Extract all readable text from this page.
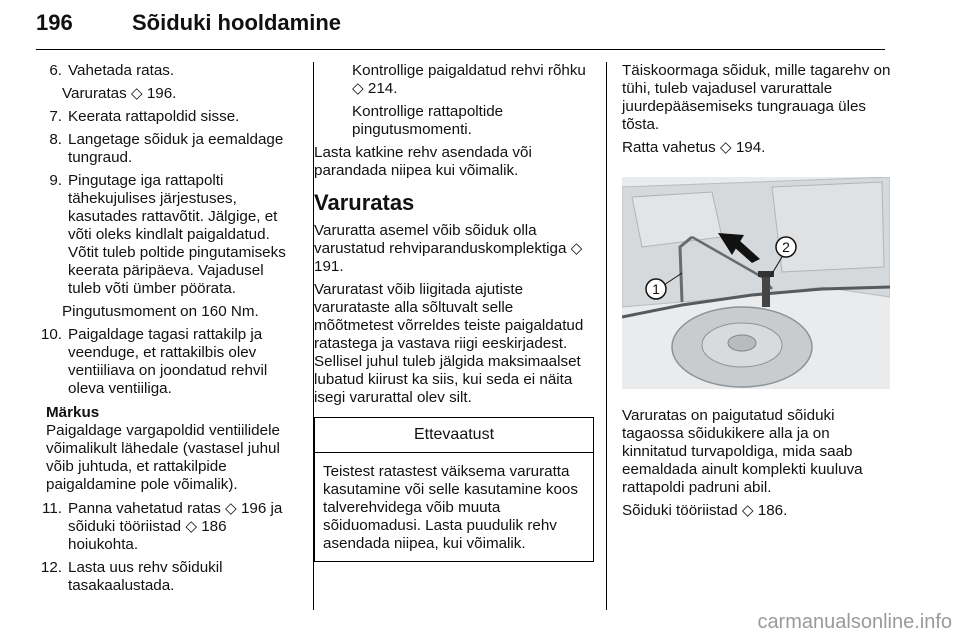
196	Sõiduki hooldamine
6. Vahetada ratas.
Varuratas ◇ 196.
7. Keerata rattapoldid sisse.
8. Langetage sõiduk ja eemaldage tungraud.
9. Pingutage iga rattapolti tähekujulises järjestuses, kasutades rattavõtit. Jälgige, et võti oleks kindlalt paigaldatud. Võtit tuleb poltide pingutamiseks keerata päripäeva. Vajadusel tuleb võti ümber pöörata.
Pingutusmoment on 160 Nm.
10. Paigaldage tagasi rattakilp ja veenduge, et rattakilbis olev ventiiliava on joondatud rehvil oleva ventiiliga.
Märkus
Paigaldage vargapoldid ventiilidele võimalikult lähedale (vastasel juhul võib juhtuda, et rattakilpide paigaldamine pole võimalik).
11. Panna vahetatud ratas ◇ 196 ja sõiduki tööriistad ◇ 186 hoiukohta.
12. Lasta uus rehv sõidukil tasakaalustada.
Kontrollige paigaldatud rehvi rõhku ◇ 214.
Kontrollige rattapoltide pingutusmomenti.
Lasta katkine rehv asendada või parandada niipea kui võimalik.
Varuratas
Varuratta asemel võib sõiduk olla varustatud rehviparanduskomplektiga ◇ 191.
Varuratast võib liigitada ajutiste varurataste alla sõltuvalt selle mõõtmetest võrreldes teiste paigaldatud ratastega ja vastava riigi eeskirjadest. Sellisel juhul tuleb jälgida maksimaalset lubatud kiirust ka siis, kui seda ei näita isegi varurattal olev silt.
Ettevaatust
Teistest ratastest väiksema varuratta kasutamine või selle kasutamine koos talverehvidega võib muuta sõiduomadusi. Lasta puudulik rehv asendada niipea, kui võimalik.
Täiskoormaga sõiduk, mille tagarehv on tühi, tuleb vajadusel varurattale juurdepääsemiseks tungrauaga üles tõsta.
Ratta vahetus ◇ 194.
1
2
Varuratas on paigutatud sõiduki tagaossa sõidukikere alla ja on kinnitatud turvapoldiga, mida saab eemaldada ainult komplekti kuuluva rattapoldi padruni abil.
Sõiduki tööriistad ◇ 186.
carmanualsonline.info
